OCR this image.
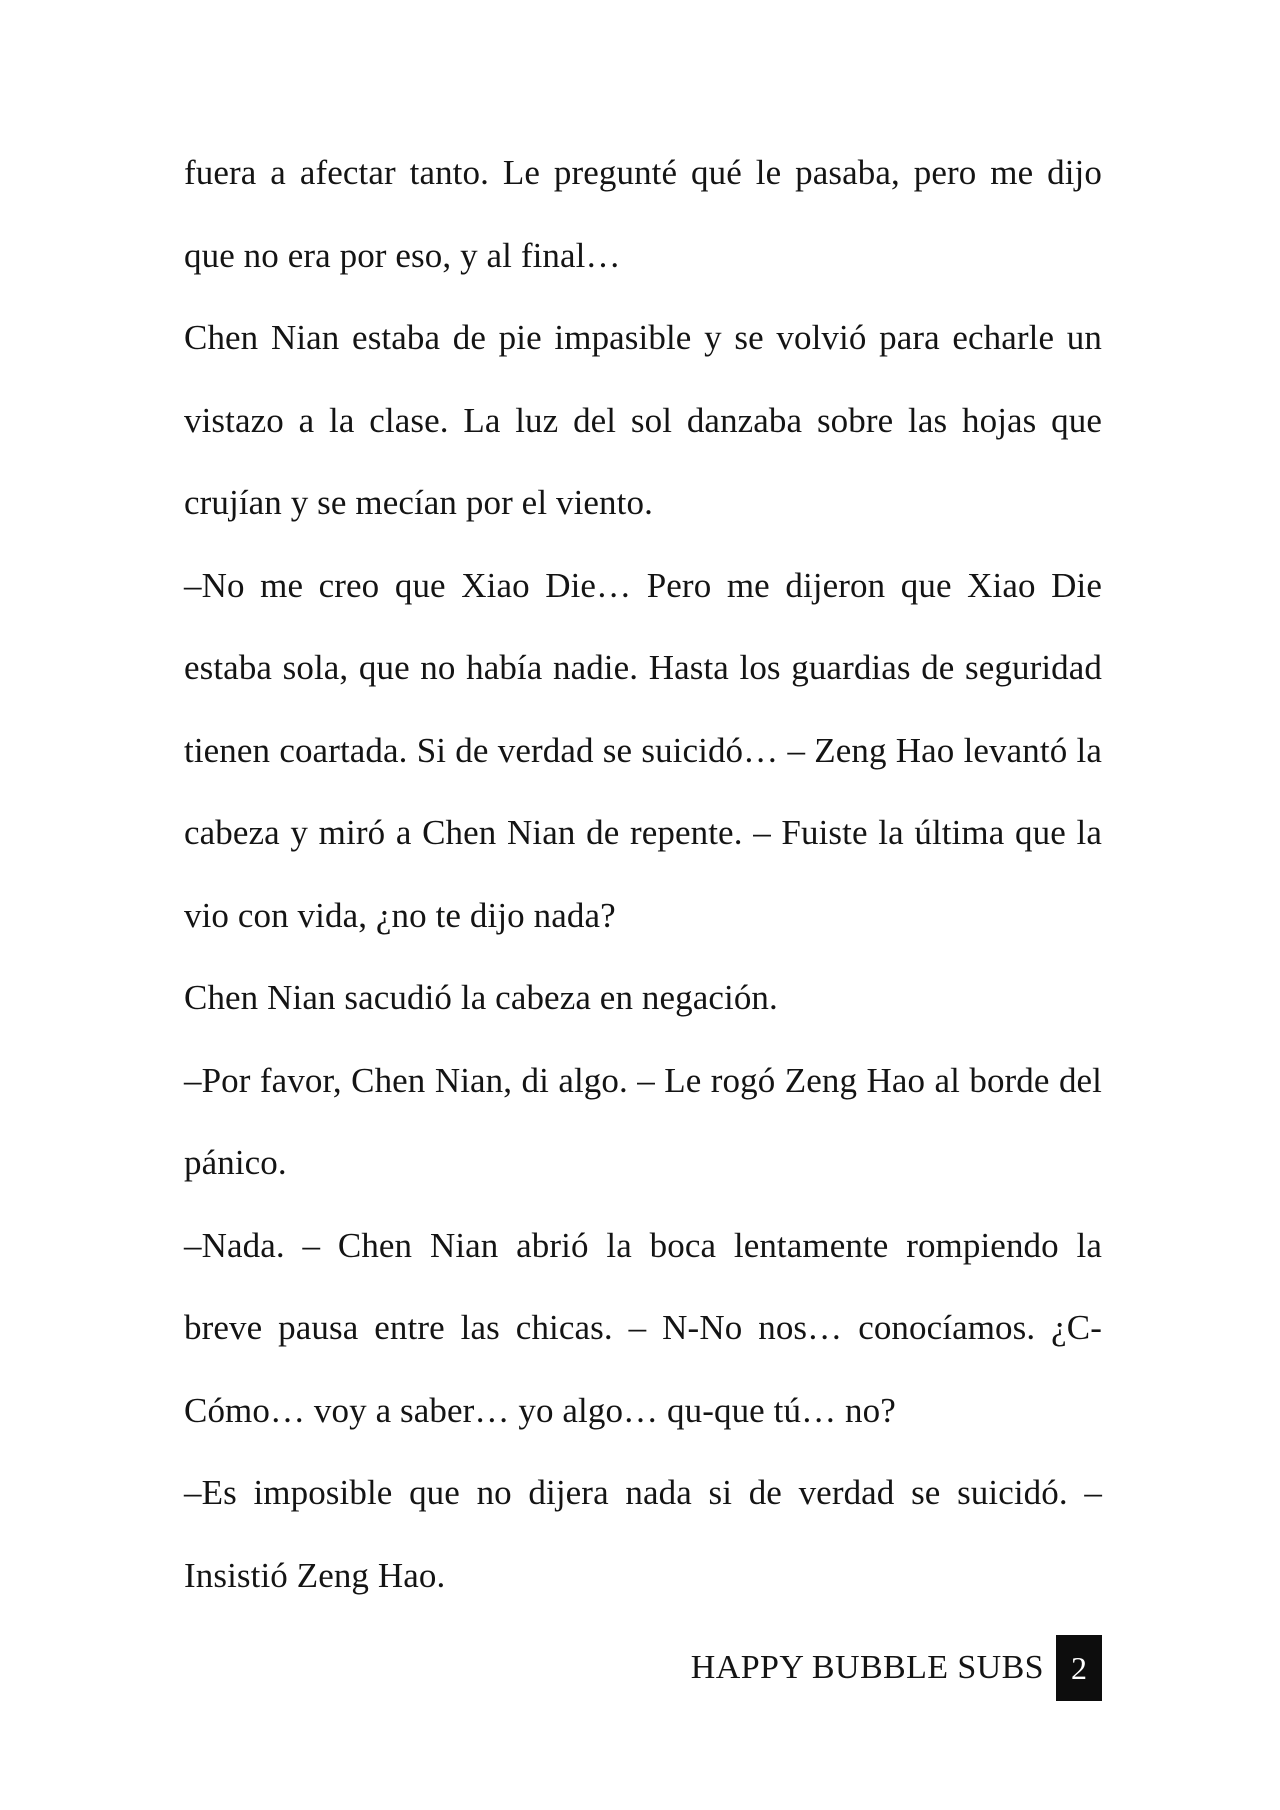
fuera a afectar tanto. Le pregunté qué le pasaba, pero me dijo que no era por eso, y al final…

Chen Nian estaba de pie impasible y se volvió para echarle un vistazo a la clase. La luz del sol danzaba sobre las hojas que crujían y se mecían por el viento.

–No me creo que Xiao Die… Pero me dijeron que Xiao Die estaba sola, que no había nadie. Hasta los guardias de seguridad tienen coartada. Si de verdad se suicidó… – Zeng Hao levantó la cabeza y miró a Chen Nian de repente. – Fuiste la última que la vio con vida, ¿no te dijo nada?

Chen Nian sacudió la cabeza en negación.

–Por favor, Chen Nian, di algo. – Le rogó Zeng Hao al borde del pánico.

–Nada. – Chen Nian abrió la boca lentamente rompiendo la breve pausa entre las chicas. – N-No nos… conocíamos. ¿C-Cómo… voy a saber… yo algo… qu-que tú… no?

–Es imposible que no dijera nada si de verdad se suicidó. – Insistió Zeng Hao.

HAPPY BUBBLE SUBS 2
